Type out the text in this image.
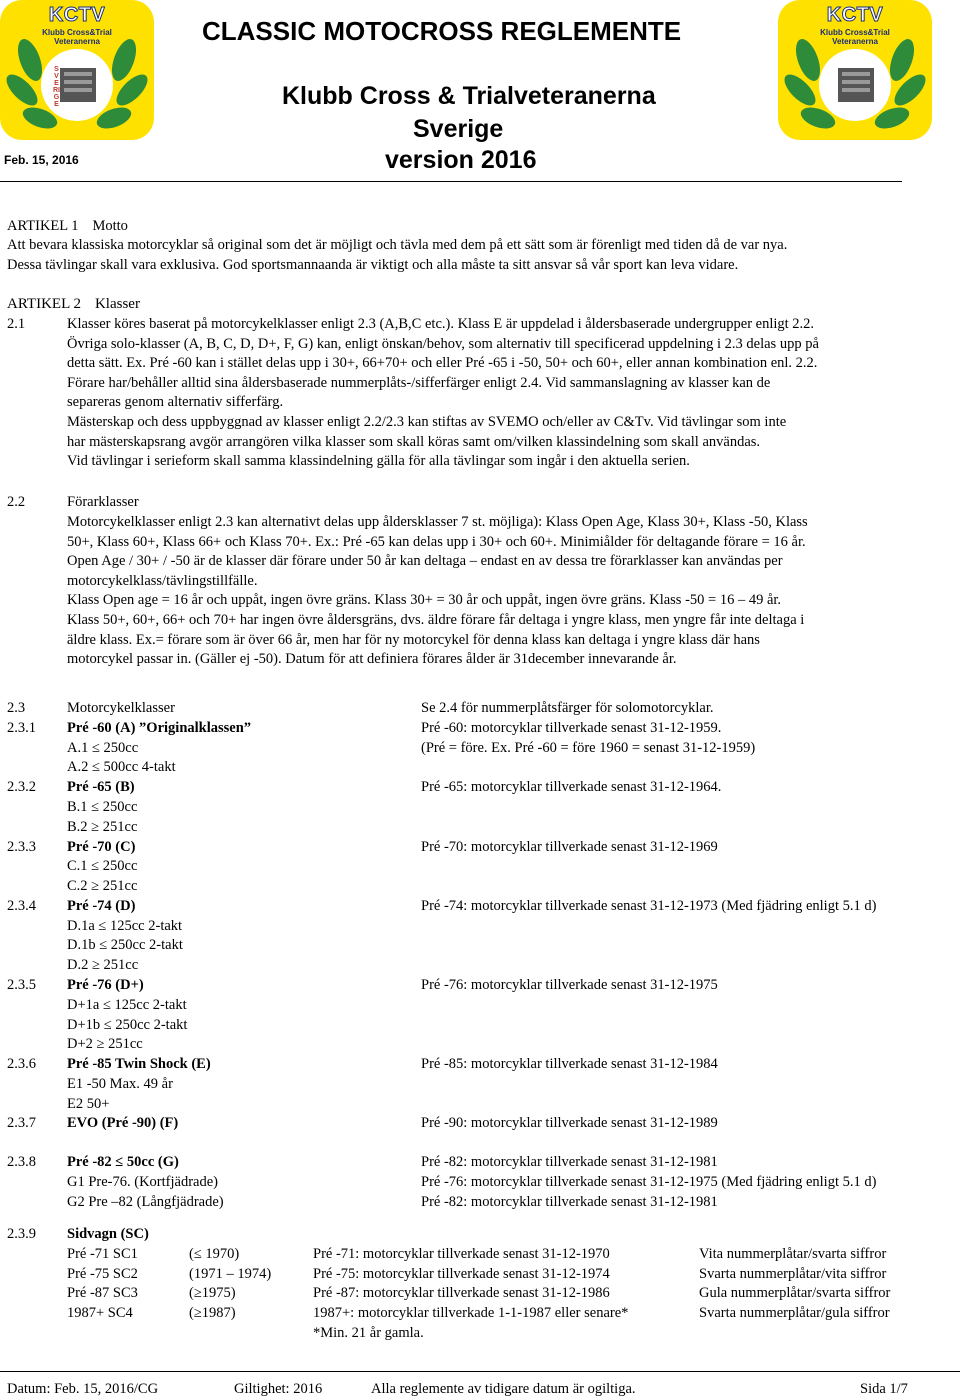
KCTV
Klubb Cross&Trial
Veteranerna
SVERIGE
KCTV
Klubb Cross&Trial
Veteranerna
CLASSIC MOTOCROSS REGLEMENTE
Klubb Cross & Trialveteranerna
Sverige
version 2016
Feb. 15, 2016
ARTIKEL 1 Motto
Att bevara klassiska motorcyklar så original som det är möjligt och tävla med dem på ett sätt som är förenligt med tiden då de var nya.
Dessa tävlingar skall vara exklusiva. God sportsmannaanda är viktigt och alla måste ta sitt ansvar så vår sport kan leva vidare.
ARTIKEL 2 Klasser
2.1	Klasser köres baserat på motorcykelklasser enligt 2.3 (A,B,C etc.). Klass E är uppdelad i åldersbaserade undergrupper enligt 2.2.
Övriga solo-klasser (A, B, C, D, D+, F, G) kan, enligt önskan/behov, som alternativ till specificerad uppdelning i 2.3 delas upp på
detta sätt. Ex. Pré -60 kan i stället delas upp i 30+, 66+70+ och eller Pré -65 i -50, 50+ och 60+, eller annan kombination enl. 2.2.
Förare har/behåller alltid sina åldersbaserade nummerplåts-/sifferfärger enligt 2.4. Vid sammanslagning av klasser kan de
separeras genom alternativ sifferfärg.
Mästerskap och dess uppbyggnad av klasser enligt 2.2/2.3 kan stiftas av SVEMO och/eller av C&Tv. Vid tävlingar som inte
har mästerskapsrang avgör arrangören vilka klasser som skall köras samt om/vilken klassindelning som skall användas.
Vid tävlingar i serieform skall samma klassindelning gälla för alla tävlingar som ingår i den aktuella serien.
2.2	Förarklasser
Motorcykelklasser enligt 2.3 kan alternativt delas upp åldersklasser 7 st. möjliga): Klass Open Age, Klass 30+, Klass -50, Klass
50+, Klass 60+, Klass 66+ och Klass 70+. Ex.: Pré -65 kan delas upp i 30+ och 60+. Minimiålder för deltagande förare = 16 år.
Open Age / 30+ / -50 är de klasser där förare under 50 år kan deltaga – endast en av dessa tre förarklasser kan användas per
motorcykelklass/tävlingstillfälle.
Klass Open age = 16 år och uppåt, ingen övre gräns. Klass 30+ = 30 år och uppåt, ingen övre gräns. Klass -50 = 16 – 49 år.
Klass 50+, 60+, 66+ och 70+ har ingen övre åldersgräns, dvs. äldre förare får deltaga i yngre klass, men yngre får inte deltaga i
äldre klass. Ex.= förare som är över 66 år, men har för ny motorcykel för denna klass kan deltaga i yngre klass där hans
motorcykel passar in. (Gäller ej -50). Datum för att definiera förares ålder är 31december innevarande år.
2.3	Motorcykelklasser	Se 2.4 för nummerplåtsfärger för solomotorcyklar.
2.3.1 Pré -60 (A) ”Originalklassen”	Pré -60: motorcyklar tillverkade senast 31-12-1959.
A.1 ≤ 250cc	(Pré = före. Ex. Pré -60 = före 1960 = senast 31-12-1959)
A.2 ≤ 500cc 4-takt
2.3.2 Pré -65 (B)	Pré -65: motorcyklar tillverkade senast 31-12-1964.
B.1 ≤ 250cc
B.2 ≥ 251cc
2.3.3 Pré -70 (C)	Pré -70: motorcyklar tillverkade senast 31-12-1969
C.1 ≤ 250cc
C.2 ≥ 251cc
2.3.4 Pré -74 (D)	Pré -74: motorcyklar tillverkade senast 31-12-1973 (Med fjädring enligt 5.1 d)
D.1a ≤ 125cc 2-takt
D.1b ≤ 250cc 2-takt
D.2 ≥ 251cc
2.3.5 Pré -76 (D+)	Pré -76: motorcyklar tillverkade senast 31-12-1975
D+1a ≤ 125cc 2-takt
D+1b ≤ 250cc 2-takt
D+2 ≥ 251cc
2.3.6 Pré -85 Twin Shock (E)	Pré -85: motorcyklar tillverkade senast 31-12-1984
E1 -50 Max. 49 år
E2 50+
2.3.7 EVO (Pré -90) (F)	Pré -90: motorcyklar tillverkade senast 31-12-1989
2.3.8 Pré -82 ≤ 50cc (G)	Pré -82: motorcyklar tillverkade senast 31-12-1981
G1 Pre-76. (Kortfjädrade)	Pré -76: motorcyklar tillverkade senast 31-12-1975 (Med fjädring enligt 5.1 d)
G2 Pre –82 (Långfjädrade)	Pré -82: motorcyklar tillverkade senast 31-12-1981
2.3.9 Sidvagn (SC)
Pré -71 SC1	(≤ 1970)	Pré -71: motorcyklar tillverkade senast 31-12-1970	Vita nummerplåtar/svarta siffror
Pré -75 SC2	(1971 – 1974)	Pré -75: motorcyklar tillverkade senast 31-12-1974	Svarta nummerplåtar/vita siffror
Pré -87 SC3	(≥1975)	Pré -87: motorcyklar tillverkade senast 31-12-1986	Gula nummerplåtar/svarta siffror
1987+ SC4	(≥1987)	1987+: motorcyklar tillverkade 1-1-1987 eller senare*	Svarta nummerplåtar/gula siffror
*Min. 21 år gamla.
Datum: Feb. 15, 2016/CG	Giltighet: 2016	Alla reglemente av tidigare datum är ogiltiga.	Sida 1/7
